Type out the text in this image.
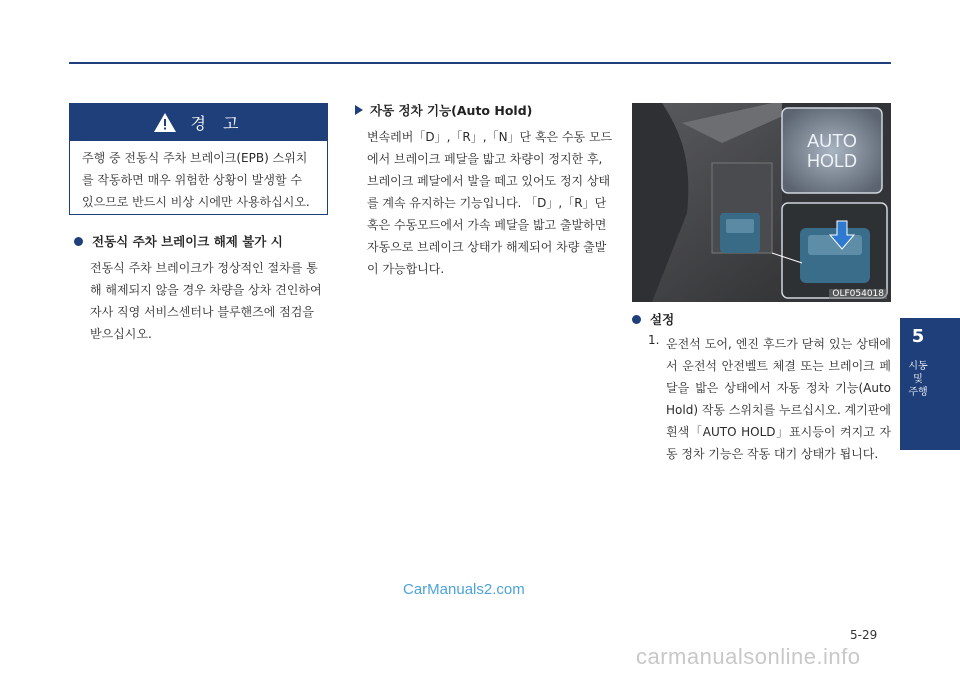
경 고
주행 중 전동식 주차 브레이크(EPB) 스위치를 작동하면 매우 위험한 상황이 발생할 수 있으므로 반드시 비상 시에만 사용하십시오.
전동식 주차 브레이크 해제 불가 시
전동식 주차 브레이크가 정상적인 절차를 통해 해제되지 않을 경우 차량을 상차 견인하여 자사 직영 서비스센터나 블루핸즈에 점검을 받으십시오.
자동 정차 기능(Auto Hold)
변속레버「D」,「R」,「N」단 혹은 수동 모드에서 브레이크 페달을 밟고 차량이 정지한 후, 브레이크 페달에서 발을 떼고 있어도 정지 상태를 계속 유지하는 기능입니다. 「D」,「R」단 혹은 수동모드에서 가속 페달을 밟고 출발하면 자동으로 브레이크 상태가 해제되어 차량 출발이 가능합니다.
AUTO
HOLD
OLF054018
설정
1. 운전석 도어, 엔진 후드가 닫혀 있는 상태에서 운전석 안전벨트 체결 또는 브레이크 페달을 밟은 상태에서 자동 정차 기능(Auto Hold) 작동 스위치를 누르십시오. 계기판에 흰색「AUTO HOLD」표시등이 켜지고 자동 정차 기능은 작동 대기 상태가 됩니다.
5
시동 및 주행
CarManuals2.com
5-29
carmanualsonline.info
